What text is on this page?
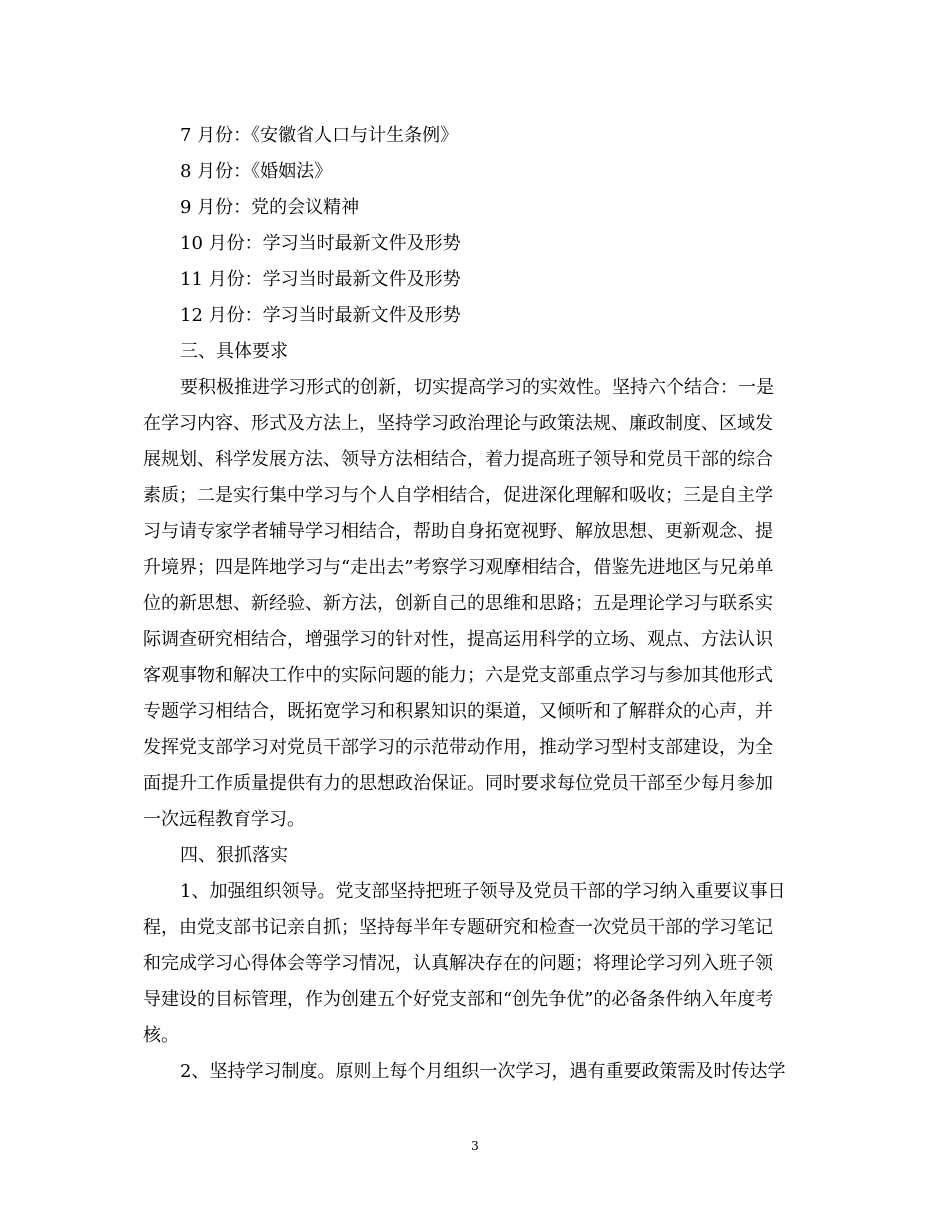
7 月份：《安徽省人口与计生条例》
8 月份：《婚姻法》
9 月份：党的会议精神
10 月份：学习当时最新文件及形势
11 月份：学习当时最新文件及形势
12 月份：学习当时最新文件及形势
三、具体要求
要积极推进学习形式的创新，切实提高学习的实效性。坚持六个结合：一是
在学习内容、形式及方法上，坚持学习政治理论与政策法规、廉政制度、区域发
展规划、科学发展方法、领导方法相结合，着力提高班子领导和党员干部的综合
素质；二是实行集中学习与个人自学相结合，促进深化理解和吸收；三是自主学
习与请专家学者辅导学习相结合，帮助自身拓宽视野、解放思想、更新观念、提
升境界；四是阵地学习与“走出去”考察学习观摩相结合，借鉴先进地区与兄弟单
位的新思想、新经验、新方法，创新自己的思维和思路；五是理论学习与联系实
际调查研究相结合，增强学习的针对性，提高运用科学的立场、观点、方法认识
客观事物和解决工作中的实际问题的能力；六是党支部重点学习与参加其他形式
专题学习相结合，既拓宽学习和积累知识的渠道，又倾听和了解群众的心声，并
发挥党支部学习对党员干部学习的示范带动作用，推动学习型村支部建设，为全
面提升工作质量提供有力的思想政治保证。同时要求每位党员干部至少每月参加
一次远程教育学习。
四、狠抓落实
1、加强组织领导。党支部坚持把班子领导及党员干部的学习纳入重要议事日
程，由党支部书记亲自抓；坚持每半年专题研究和检查一次党员干部的学习笔记
和完成学习心得体会等学习情况，认真解决存在的问题；将理论学习列入班子领
导建设的目标管理，作为创建五个好党支部和“创先争优”的必备条件纳入年度考
核。
2、坚持学习制度。原则上每个月组织一次学习，遇有重要政策需及时传达学
3
